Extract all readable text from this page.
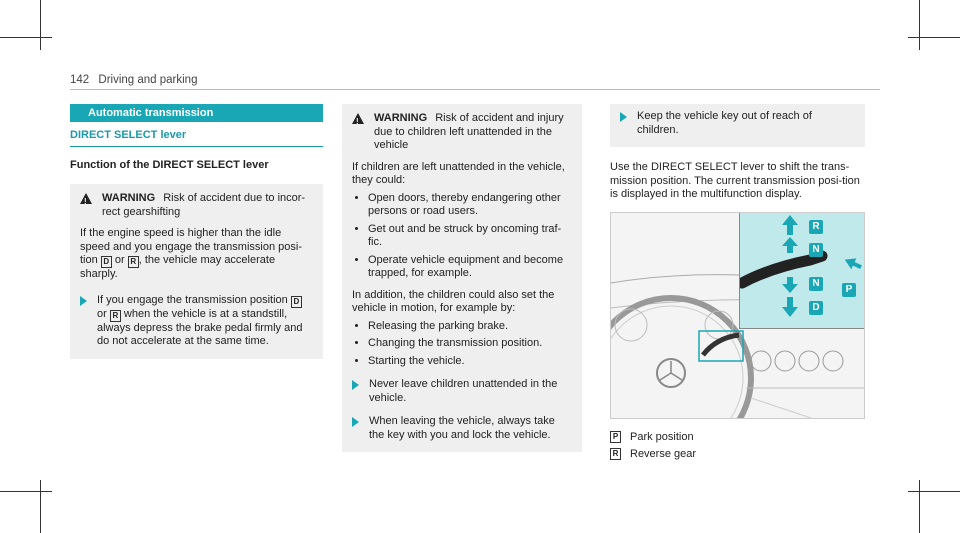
142 Driving and parking
Automatic transmission
DIRECT SELECT lever
Function of the DIRECT SELECT lever
! WARNING Risk of accident due to incor-rect gearshifting

If the engine speed is higher than the idle speed and you engage the transmission posi-tion D or R , the vehicle may accelerate sharply.

If you engage the transmission position D or R when the vehicle is at a standstill, always depress the brake pedal firmly and do not accelerate at the same time.
! WARNING Risk of accident and injury due to children left unattended in the vehicle

If children are left unattended in the vehicle, they could:

• Open doors, thereby endangering other persons or road users.
• Get out and be struck by oncoming traf-fic.
• Operate vehicle equipment and become trapped, for example.

In addition, the children could also set the vehicle in motion, for example by:

• Releasing the parking brake.
• Changing the transmission position.
• Starting the vehicle.
Never leave children unattended in the vehicle.
When leaving the vehicle, always take the key with you and lock the vehicle.
Keep the vehicle key out of reach of children.

Use the DIRECT SELECT lever to shift the trans-mission position. The current transmission posi-tion is displayed in the multifunction display.

R
N
N
P
D
P Park position
R Reverse gear
